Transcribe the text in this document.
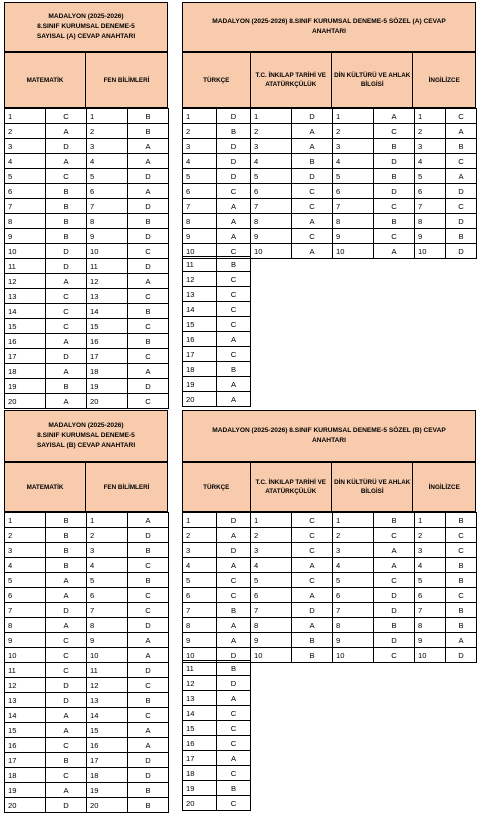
MADALYON (2025-2026)
8.SINIF KURUMSAL DENEME-5
SAYISAL (A) CEVAP ANAHTARI
MATEMATİK	FEN BİLİMLERİ
1	C	1	B
2	A	2	B
3	D	3	A
4	A	4	A
5	C	5	D
6	B	6	A
7	B	7	D
8	B	8	B
9	B	9	D
10	D	10	C
11	D	11	D
12	A	12	A
13	C	13	C
14	C	14	B
15	C	15	C
16	A	16	B
17	D	17	C
18	A	18	A
19	B	19	D
20	A	20	C
MADALYON (2025-2026) 8.SINIF KURUMSAL DENEME-5 SÖZEL (A) CEVAP
ANAHTARI
TÜRKÇE
T.C. İNKILAP TARİHİ VE ATATÜRKÇÜLÜK
DİN KÜLTÜRÜ VE AHLAK BİLGİSİ
İNGİLİZCE
1	D	1	D	1	A	1	C
2	B	2	A	2	C	2	A
3	D	3	A	3	B	3	B
4	D	4	B	4	D	4	C
5	D	5	D	5	B	5	A
6	C	6	C	6	D	6	D
7	A	7	C	7	C	7	C
8	A	8	A	8	B	8	D
9	A	9	C	9	C	9	B
10	C	10	A	10	A	10	D
11	B
12	C
13	C
14	C
15	C
16	A
17	C
18	B
19	A
20	A
MADALYON (2025-2026)
8.SINIF KURUMSAL DENEME-5
SAYISAL (B) CEVAP ANAHTARI
MATEMATİK	FEN BİLİMLERİ
1	B	1	A
2	B	2	D
3	B	3	B
4	B	4	C
5	A	5	B
6	A	6	C
7	D	7	C
8	A	8	D
9	C	9	A
10	C	10	A
11	C	11	D
12	D	12	C
13	D	13	B
14	A	14	C
15	A	15	A
16	C	16	A
17	B	17	D
18	C	18	D
19	A	19	B
20	D	20	B
MADALYON (2025-2026) 8.SINIF KURUMSAL DENEME-5 SÖZEL (B) CEVAP
ANAHTARI
TÜRKÇE
T.C. İNKILAP TARİHİ VE ATATÜRKÇÜLÜK
DİN KÜLTÜRÜ VE AHLAK BİLGİSİ
İNGİLİZCE
1	D	1	C	1	B	1	B
2	A	2	C	2	C	2	C
3	D	3	C	3	A	3	C
4	A	4	A	4	A	4	B
5	C	5	C	5	C	5	B
6	C	6	A	6	D	6	C
7	B	7	D	7	D	7	B
8	A	8	A	8	B	8	B
9	A	9	B	9	D	9	A
10	D	10	B	10	C	10	D
11	B
12	D
13	A
14	C
15	C
16	C
17	A
18	C
19	B
20	C
